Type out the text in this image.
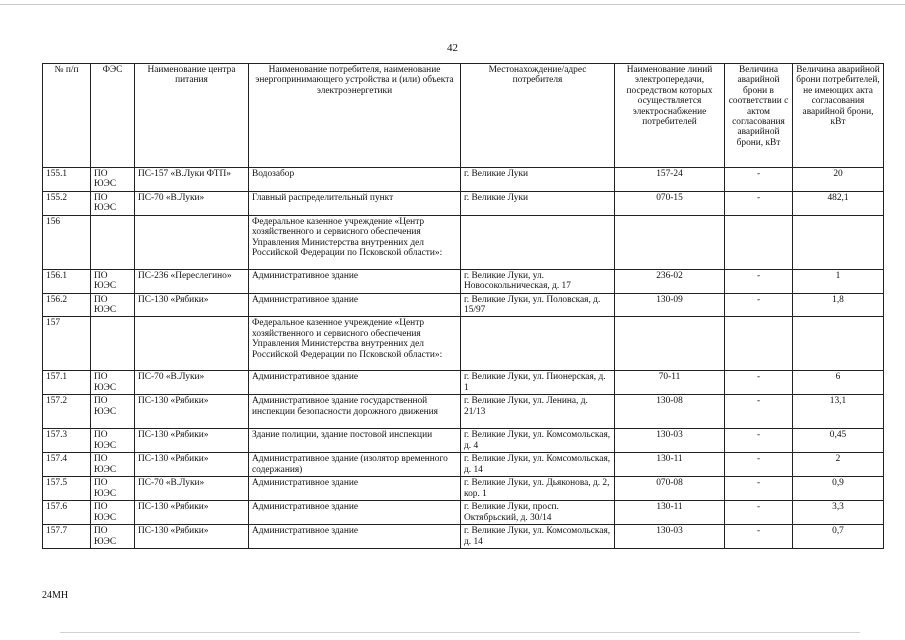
42
№ п/п	ФЭС	Наименование центра питания	Наименование потребителя, наименование энергопринимающего устройства и (или) объекта электроэнергетики	Местонахождение/адрес потребителя	Наименование линий электропередачи, посредством которых осуществляется электроснабжение потребителей	Величина аварийной брони в соответствии с актом согласования аварийной брони, кВт	Величина аварийной брони потребителей, не имеющих акта согласования аварийной брони, кВт
155.1	ПО ЮЭС	ПС-157 «В.Луки ФТП»	Водозабор	г. Великие Луки	157-24	-	20
155.2	ПО ЮЭС	ПС-70 «В.Луки»	Главный распределительный пункт	г. Великие Луки	070-15	-	482,1
156			Федеральное казенное учреждение «Центр хозяйственного и сервисного обеспечения Управления Министерства внутренних дел Российской Федерации по Псковской области»:				
156.1	ПО ЮЭС	ПС-236 «Переслегино»	Административное здание	г. Великие Луки, ул. Новосокольническая, д. 17	236-02	-	1
156.2	ПО ЮЭС	ПС-130 «Рябики»	Административное здание	г. Великие Луки, ул. Половская, д. 15/97	130-09	-	1,8
157			Федеральное казенное учреждение «Центр хозяйственного и сервисного обеспечения Управления Министерства внутренних дел Российской Федерации по Псковской области»:				
157.1	ПО ЮЭС	ПС-70 «В.Луки»	Административное здание	г. Великие Луки, ул. Пионерская, д. 1	70-11	-	6
157.2	ПО ЮЭС	ПС-130 «Рябики»	Административное здание государственной инспекции безопасности дорожного движения	г. Великие Луки, ул. Ленина, д. 21/13	130-08	-	13,1
157.3	ПО ЮЭС	ПС-130 «Рябики»	Здание полиции, здание постовой инспекции	г. Великие Луки, ул. Комсомольская, д. 4	130-03	-	0,45
157.4	ПО ЮЭС	ПС-130 «Рябики»	Административное здание (изолятор временного содержания)	г. Великие Луки, ул. Комсомольская, д. 14	130-11	-	2
157.5	ПО ЮЭС	ПС-70 «В.Луки»	Административное здание	г. Великие Луки, ул. Дьяконова, д. 2, кор. 1	070-08	-	0,9
157.6	ПО ЮЭС	ПС-130 «Рябики»	Административное здание	г. Великие Луки, просп. Октябрьский, д. 30/14	130-11	-	3,3
157.7	ПО ЮЭС	ПС-130 «Рябики»	Административное здание	г. Великие Луки, ул. Комсомольская, д. 14	130-03	-	0,7
24МН
